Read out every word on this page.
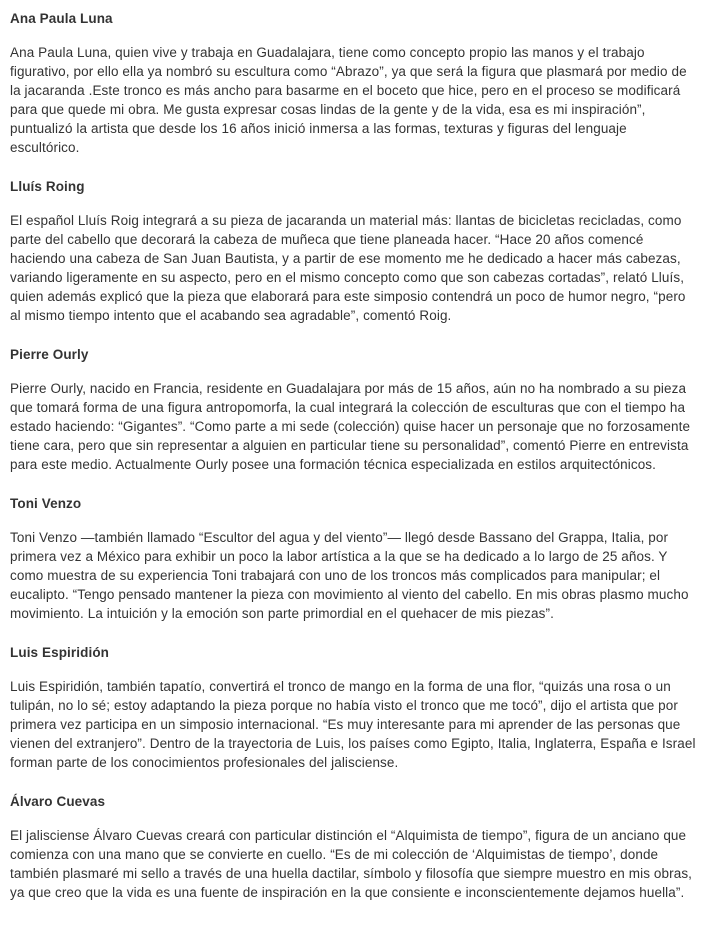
Ana Paula Luna

Ana Paula Luna, quien vive y trabaja en Guadalajara, tiene como concepto propio las manos y el trabajo figurativo, por ello ella ya nombró su escultura como “Abrazo”, ya que será la figura que plasmará por medio de la jacaranda .Este tronco es más ancho para basarme en el boceto que hice, pero en el proceso se modificará para que quede mi obra. Me gusta expresar cosas lindas de la gente y de la vida, esa es mi inspiración”, puntualizó la artista que desde los 16 años inició inmersa a las formas, texturas y figuras del lenguaje escultórico.

Lluís Roing

El español Lluís Roig integrará a su pieza de jacaranda un material más: llantas de bicicletas recicladas, como parte del cabello que decorará la cabeza de muñeca que tiene planeada hacer. “Hace 20 años comencé haciendo una cabeza de San Juan Bautista, y a partir de ese momento me he dedicado a hacer más cabezas, variando ligeramente en su aspecto, pero en el mismo concepto como que son cabezas cortadas”, relató Lluís, quien además explicó que la pieza que elaborará para este simposio contendrá un poco de humor negro, “pero al mismo tiempo intento que el acabando sea agradable”, comentó Roig.

Pierre Ourly

Pierre Ourly, nacido en Francia, residente en Guadalajara por más de 15 años, aún no ha nombrado a su pieza que tomará forma de una figura antropomorfa, la cual integrará la colección de esculturas que con el tiempo ha estado haciendo: “Gigantes”. “Como parte a mi sede (colección) quise hacer un personaje que no forzosamente tiene cara, pero que sin representar a alguien en particular tiene su personalidad”, comentó Pierre en entrevista para este medio. Actualmente Ourly posee una formación técnica especializada en estilos arquitectónicos.

Toni Venzo

Toni Venzo —también llamado “Escultor del agua y del viento”— llegó desde Bassano del Grappa, Italia, por primera vez a México para exhibir un poco la labor artística a la que se ha dedicado a lo largo de 25 años. Y como muestra de su experiencia Toni trabajará con uno de los troncos más complicados para manipular; el eucalipto. “Tengo pensado mantener la pieza con movimiento al viento del cabello. En mis obras plasmo mucho movimiento. La intuición y la emoción son parte primordial en el quehacer de mis piezas”.

Luis Espiridión

Luis Espiridión, también tapatío, convertirá el tronco de mango en la forma de una flor, “quizás una rosa o un tulipán, no lo sé; estoy adaptando la pieza porque no había visto el tronco que me tocó”, dijo el artista que por primera vez participa en un simposio internacional. “Es muy interesante para mi aprender de las personas que vienen del extranjero”. Dentro de la trayectoria de Luis, los países como Egipto, Italia, Inglaterra, España e Israel forman parte de los conocimientos profesionales del jalisciense.

Álvaro Cuevas

El jalisciense Álvaro Cuevas creará con particular distinción el “Alquimista de tiempo”, figura de un anciano que comienza con una mano que se convierte en cuello. “Es de mi colección de ‘Alquimistas de tiempo’, donde también plasmaré mi sello a través de una huella dactilar, símbolo y filosofía que siempre muestro en mis obras, ya que creo que la vida es una fuente de inspiración en la que consiente e inconscientemente dejamos huella”.
